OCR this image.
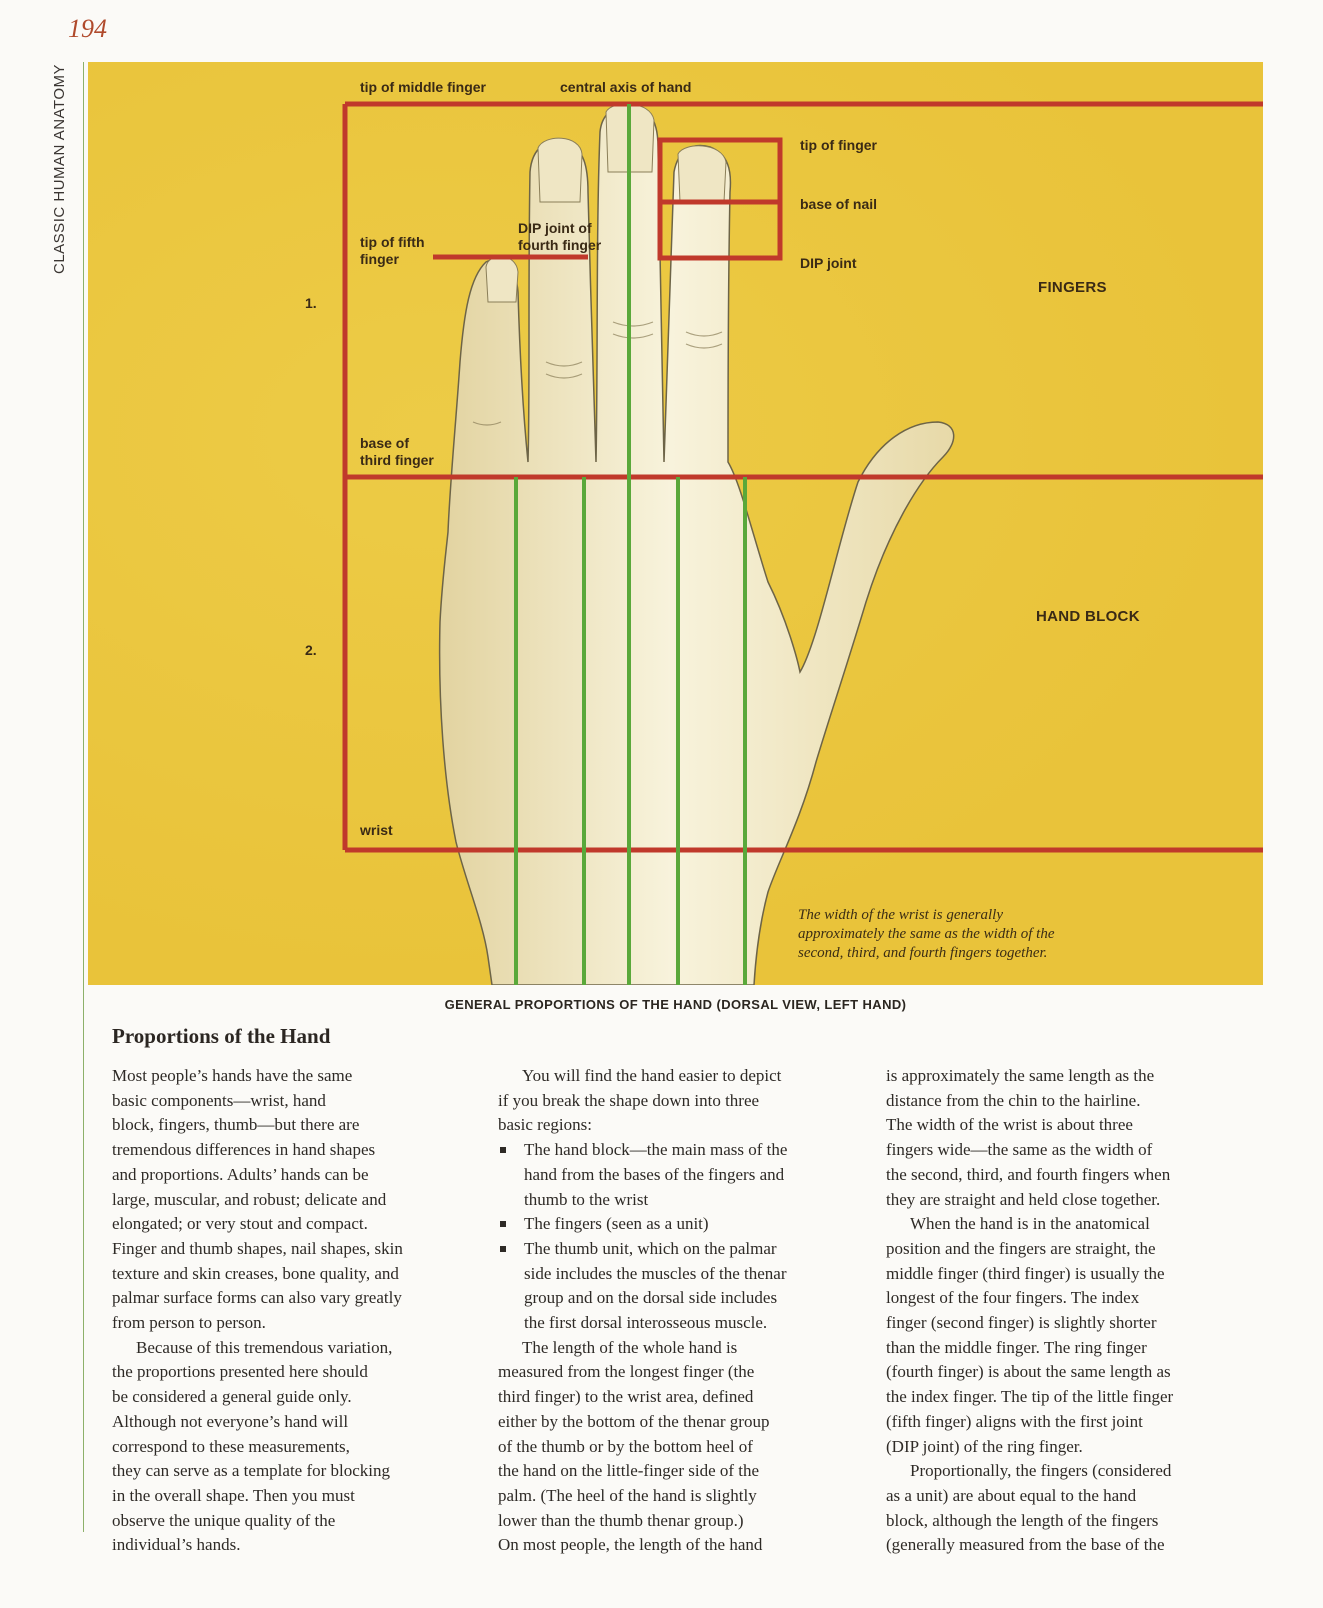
194
CLASSIC HUMAN ANATOMY	tip of middle finger	central axis of hand
tip of finger
base of nail
DIP joint
DIP joint of
fourth finger
tip of fifth
finger
base of
third finger
wrist
FINGERS
HAND BLOCK
1.
2.
The width of the wrist is generally
approximately the same as the width of the
second, third, and fourth fingers together.
GENERAL PROPORTIONS OF THE HAND (DORSAL VIEW, LEFT HAND)
Proportions of the Hand

Most people’s hands have the same

basic components—wrist, hand

block, fingers, thumb—but there are

tremendous differences in hand shapes

and proportions. Adults’ hands can be

large, muscular, and robust; delicate and

elongated; or very stout and compact.

Finger and thumb shapes, nail shapes, skin

texture and skin creases, bone quality, and

palmar surface forms can also vary greatly

from person to person.

Because of this tremendous variation,

the proportions presented here should

be considered a general guide only.

Although not everyone’s hand will

correspond to these measurements,

they can serve as a template for blocking

in the overall shape. Then you must

observe the unique quality of the

individual’s hands.

You will find the hand easier to depict

if you break the shape down into three

basic regions:

The hand block—the main mass of the

hand from the bases of the fingers and

thumb to the wrist

The fingers (seen as a unit)

The thumb unit, which on the palmar

side includes the muscles of the thenar

group and on the dorsal side includes

the first dorsal interosseous muscle.

The length of the whole hand is

measured from the longest finger (the

third finger) to the wrist area, defined

either by the bottom of the thenar group

of the thumb or by the bottom heel of

the hand on the little-finger side of the

palm. (The heel of the hand is slightly

lower than the thumb thenar group.)

On most people, the length of the hand

is approximately the same length as the

distance from the chin to the hairline.

The width of the wrist is about three

fingers wide—the same as the width of

the second, third, and fourth fingers when

they are straight and held close together.

When the hand is in the anatomical

position and the fingers are straight, the

middle finger (third finger) is usually the

longest of the four fingers. The index

finger (second finger) is slightly shorter

than the middle finger. The ring finger

(fourth finger) is about the same length as

the index finger. The tip of the little finger

(fifth finger) aligns with the first joint

(DIP joint) of the ring finger.

Proportionally, the fingers (considered

as a unit) are about equal to the hand

block, although the length of the fingers

(generally measured from the base of the
